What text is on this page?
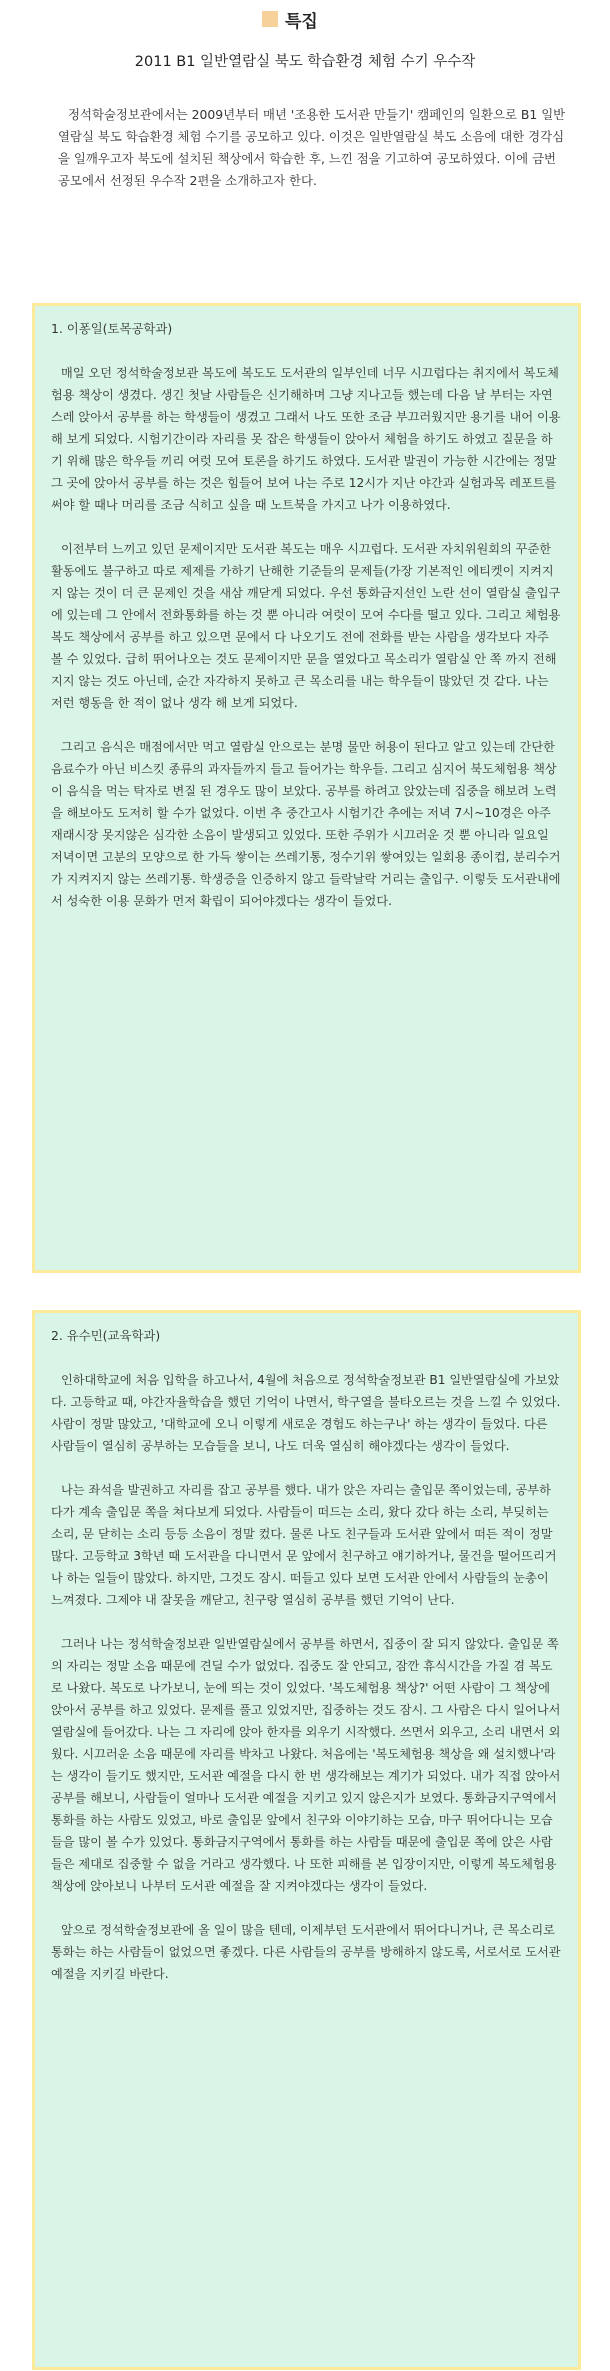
특집
2011 B1 일반열람실 북도 학습환경 체험 수기 우수작

정석학술정보관에서는 2009년부터 매년 '조용한 도서관 만들기' 캠페인의 일환으로 B1 일반열람실 북도 학습환경 체험 수기를 공모하고 있다. 이것은 일반열람실 북도 소음에 대한 경각심을 일깨우고자 북도에 설치된 책상에서 학습한 후, 느낀 점을 기고하여 공모하였다. 이에 금번 공모에서 선정된 우수작 2편을 소개하고자 한다.

1. 이퐁일(토목공학과)

매일 오던 정석학술정보관 복도에 복도도 도서관의 일부인데 너무 시끄럽다는 취지에서 복도체험용 책상이 생겼다. 생긴 첫날 사람들은 신기해하며 그냥 지나고들 했는데 다음 날 부터는 자연스레 앉아서 공부를 하는 학생들이 생겼고 그래서 나도 또한 조금 부끄러웠지만 용기를 내어 이용해 보게 되었다. 시험기간이라 자리를 못 잡은 학생들이 앉아서 체험을 하기도 하였고 질문을 하기 위해 많은 학우들 끼리 여럿 모여 토론을 하기도 하였다. 도서관 발권이 가능한 시간에는 정말 그 곳에 앉아서 공부를 하는 것은 힘들어 보여 나는 주로 12시가 지난 야간과 실험과목 레포트를 써야 할 때나 머리를 조금 식히고 싶을 때 노트북을 가지고 나가 이용하였다.

이전부터 느끼고 있던 문제이지만 도서관 복도는 매우 시끄럽다. 도서관 자치위원회의 꾸준한 활동에도 불구하고 따로 제제를 가하기 난해한 기준들의 문제들(가장 기본적인 에티켓이 지켜지지 않는 것이 더 큰 문제인 것을 새삼 깨닫게 되었다. 우선 통화금지선인 노란 선이 열람실 출입구에 있는데 그 안에서 전화통화를 하는 것 뿐 아니라 여럿이 모여 수다를 떨고 있다. 그리고 체험용 복도 책상에서 공부를 하고 있으면 문에서 다 나오기도 전에 전화를 받는 사람을 생각보다 자주 볼 수 있었다. 급히 뛰어나오는 것도 문제이지만 문을 열었다고 목소리가 열람실 안 쪽 까지 전해지지 않는 것도 아닌데, 순간 자각하지 못하고 큰 목소리를 내는 학우들이 많았던 것 같다. 나는 저런 행동을 한 적이 없나 생각 해 보게 되었다.

그리고 음식은 매점에서만 먹고 열람실 안으로는 분명 물만 허용이 된다고 알고 있는데 간단한 음료수가 아닌 비스킷 종류의 과자들까지 들고 들어가는 학우들. 그리고 심지어 북도체험용 책상이 음식을 먹는 탁자로 변질 된 경우도 많이 보았다. 공부를 하려고 앉았는데 집중을 해보려 노력을 해보아도 도저히 할 수가 없었다. 이번 추 중간고사 시험기간 추에는 저녁 7시~10경은 아주 재래시장 못지않은 심각한 소음이 발생되고 있었다. 또한 주위가 시끄러운 것 뿐 아니라 일요일 저녁이면 고분의 모양으로 한 가득 쌓이는 쓰레기통, 정수기위 쌓여있는 일회용 종이컵, 분리수거가 지켜지지 않는 쓰레기통. 학생증을 인증하지 않고 들락날락 거리는 출입구. 이렇듯 도서관내에서 성숙한 이용 문화가 먼저 확립이 되어야겠다는 생각이 들었다.

2. 유수민(교육학과)

인하대학교에 처음 입학을 하고나서, 4월에 처음으로 정석학술정보관 B1 일반열람실에 가보았다. 고등학교 때, 야간자율학습을 했던 기억이 나면서, 학구열을 불타오르는 것을 느낄 수 있었다. 사람이 정말 많았고, '대학교에 오니 이렇게 새로운 경험도 하는구나' 하는 생각이 들었다. 다른 사람들이 열심히 공부하는 모습들을 보니, 나도 더욱 열심히 해야겠다는 생각이 들었다.

나는 좌석을 발권하고 자리를 잡고 공부를 했다. 내가 앉은 자리는 출입문 쪽이었는데, 공부하다가 계속 출입문 쪽을 쳐다보게 되었다. 사람들이 떠드는 소리, 왔다 갔다 하는 소리, 부딪히는 소리, 문 닫히는 소리 등등 소음이 정말 컸다. 물론 나도 친구들과 도서관 앞에서 떠든 적이 정말 많다. 고등학교 3학년 때 도서관을 다니면서 문 앞에서 친구하고 얘기하거나, 물건을 떨어뜨리거나 하는 일들이 많았다. 하지만, 그것도 잠시. 떠들고 있다 보면 도서관 안에서 사람들의 눈총이 느껴졌다. 그제야 내 잘못을 깨닫고, 친구랑 열심히 공부를 했던 기억이 난다.

그러나 나는 정석학술정보관 일반열람실에서 공부를 하면서, 집중이 잘 되지 않았다. 출입문 쪽의 자리는 정말 소음 때문에 견딜 수가 없었다. 집중도 잘 안되고, 잠깐 휴식시간을 가질 겸 복도로 나왔다. 복도로 나가보니, 눈에 띄는 것이 있었다. '복도체험용 책상?' 어떤 사람이 그 책상에 앉아서 공부를 하고 있었다. 문제를 풀고 있었지만, 집중하는 것도 잠시. 그 사람은 다시 일어나서 열람실에 들어갔다. 나는 그 자리에 앉아 한자를 외우기 시작했다. 쓰면서 외우고, 소리 내면서 외웠다. 시끄러운 소음 때문에 자리를 박차고 나왔다. 처음에는 '복도체험용 책상을 왜 설치했나'라는 생각이 들기도 했지만, 도서관 예절을 다시 한 번 생각해보는 계기가 되었다. 내가 직접 앉아서 공부를 해보니, 사람들이 얼마나 도서관 예절을 지키고 있지 않은지가 보였다. 통화금지구역에서 통화를 하는 사람도 있었고, 바로 출입문 앞에서 친구와 이야기하는 모습, 마구 뛰어다니는 모습들을 많이 볼 수가 있었다. 통화금지구역에서 통화를 하는 사람들 때문에 출입문 쪽에 앉은 사람들은 제대로 집중할 수 없을 거라고 생각했다. 나 또한 피해를 본 입장이지만, 이렇게 복도체험용 책상에 앉아보니 나부터 도서관 예절을 잘 지켜야겠다는 생각이 들었다.

앞으로 정석학술정보관에 올 일이 많을 텐데, 이제부턴 도서관에서 뛰어다니거나, 큰 목소리로 통화는 하는 사람들이 없었으면 좋겠다. 다른 사람들의 공부를 방해하지 않도록, 서로서로 도서관 예절을 지키길 바란다.
